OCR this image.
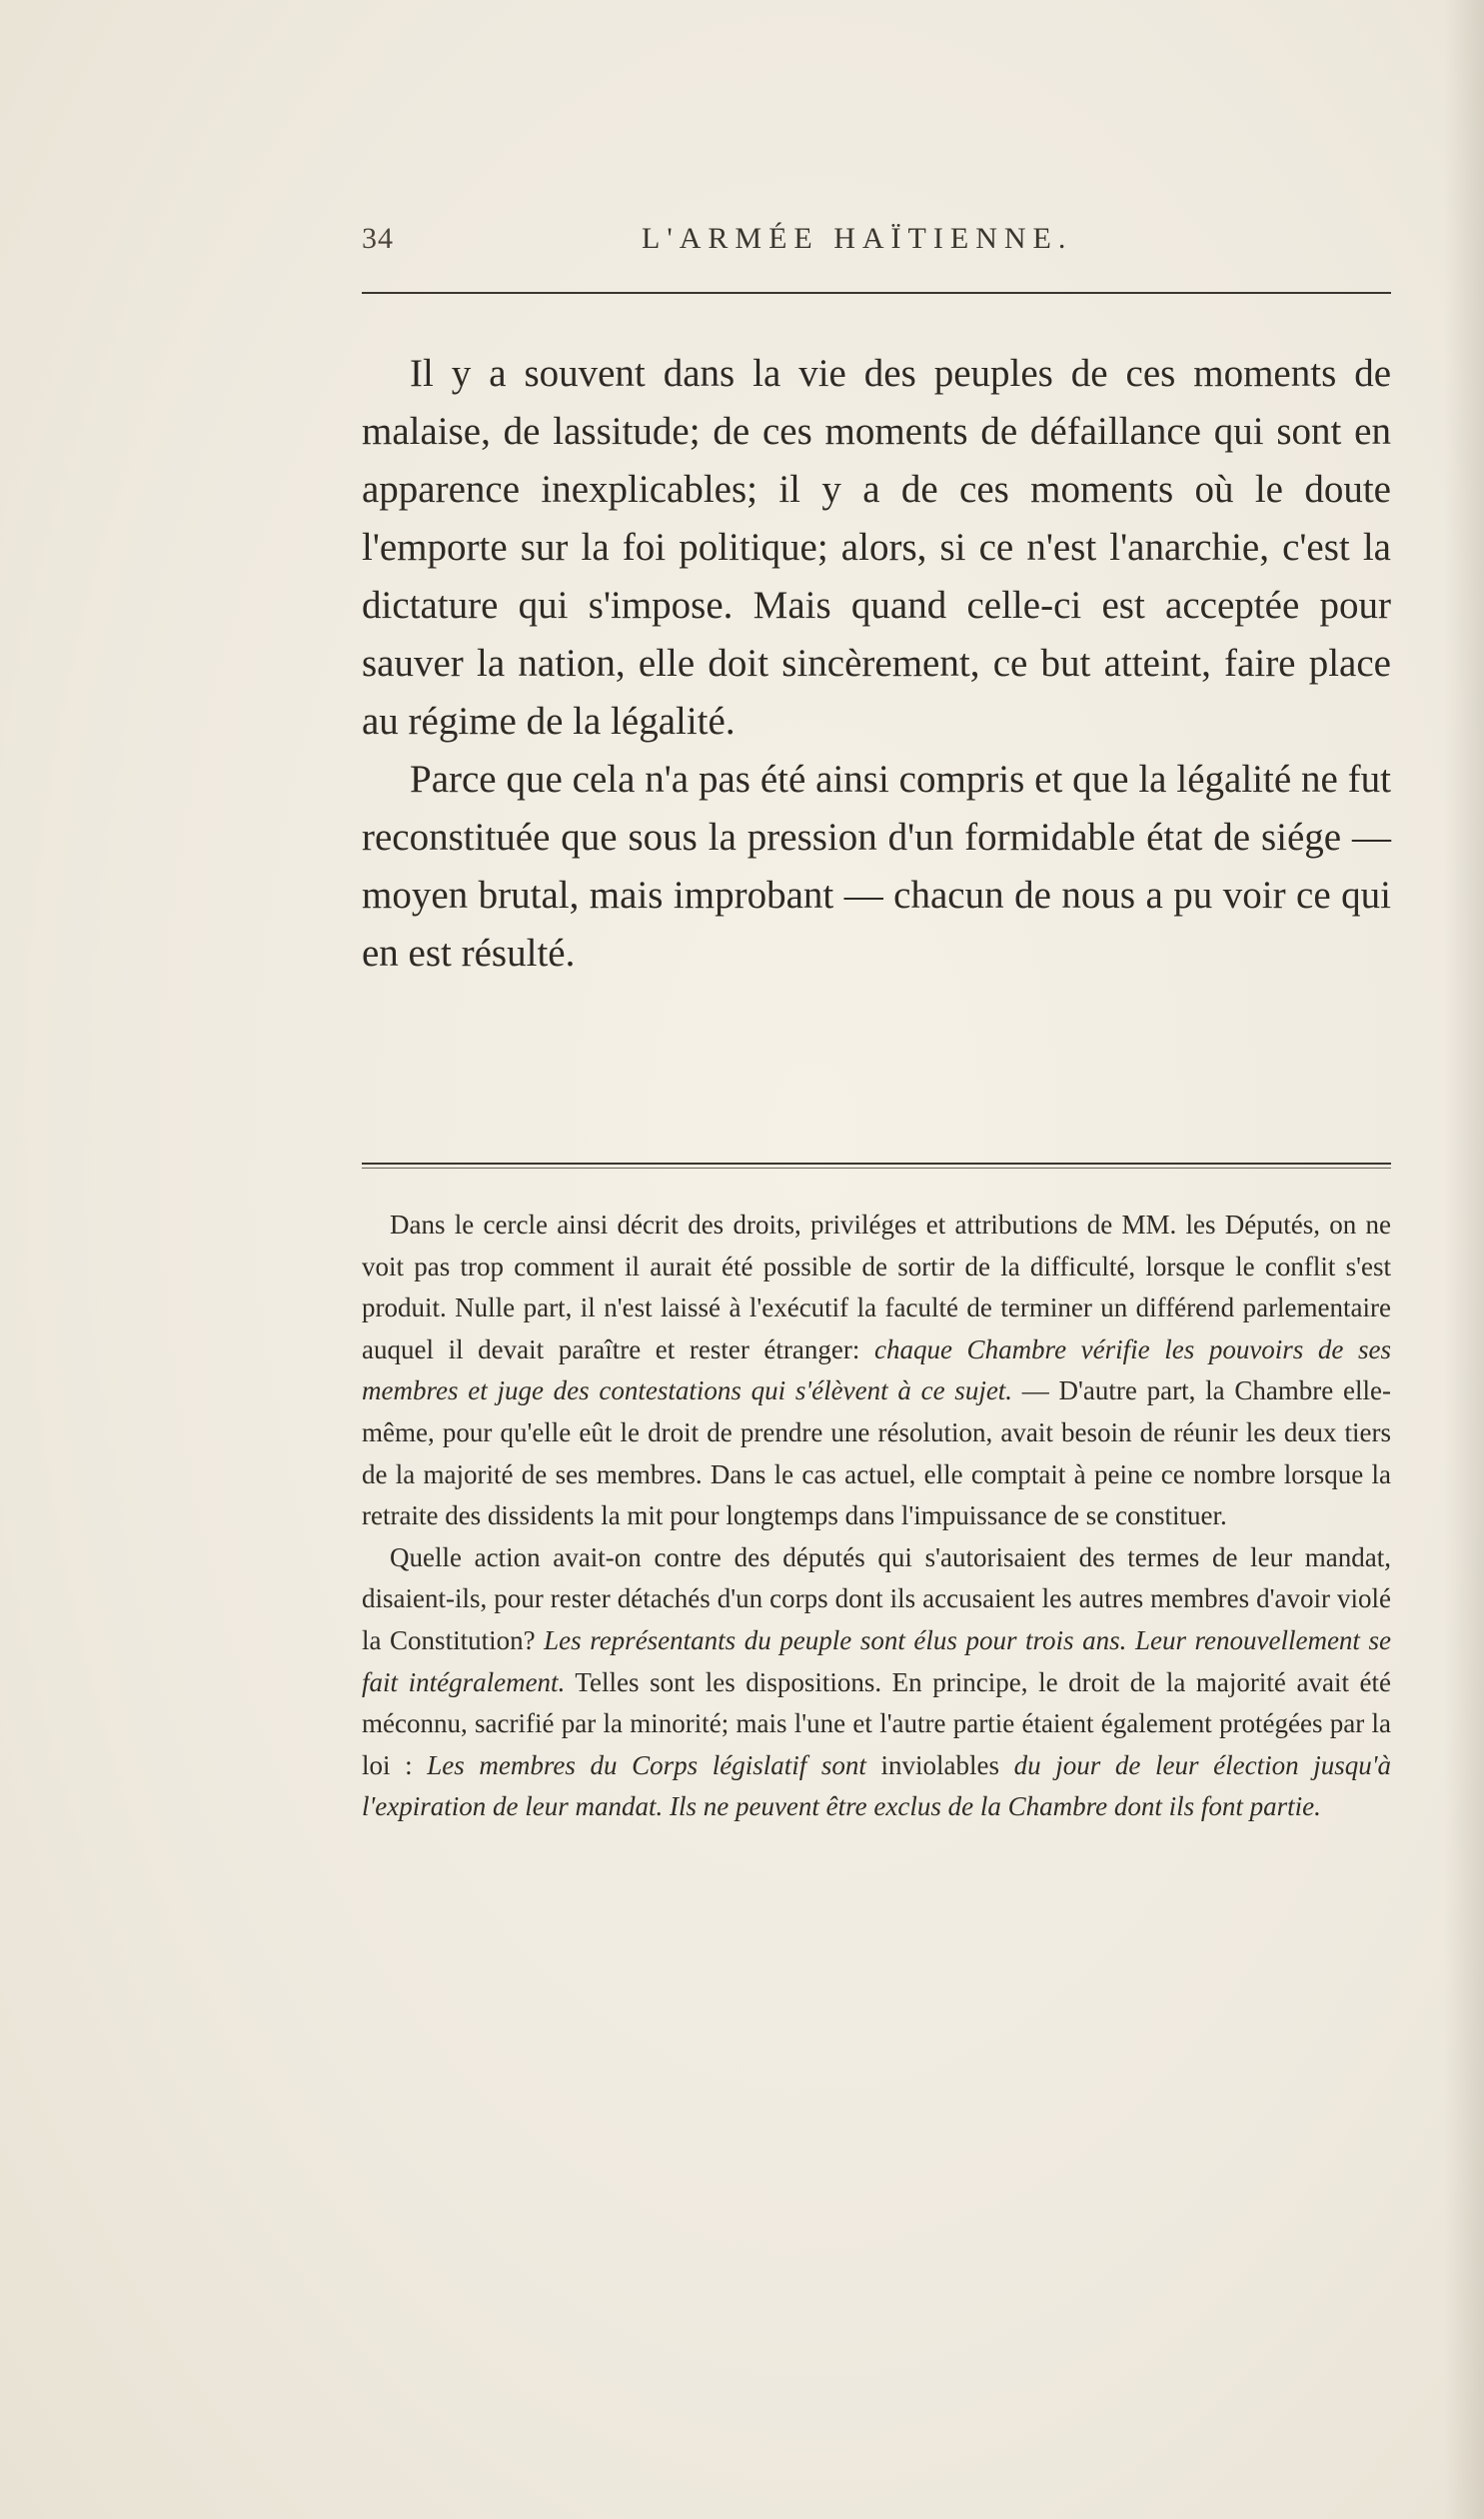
34	L'ARMÉE HAÏTIENNE.

Il y a souvent dans la vie des peuples de ces moments de malaise, de lassitude; de ces moments de défaillance qui sont en apparence inexplicables; il y a de ces moments où le doute l'emporte sur la foi politique; alors, si ce n'est l'anarchie, c'est la dictature qui s'impose. Mais quand celle-ci est acceptée pour sauver la nation, elle doit sincèrement, ce but atteint, faire place au régime de la légalité.

Parce que cela n'a pas été ainsi compris et que la légalité ne fut reconstituée que sous la pression d'un formidable état de siége — moyen brutal, mais improbant — chacun de nous a pu voir ce qui en est résulté.

Dans le cercle ainsi décrit des droits, priviléges et attributions de MM. les Députés, on ne voit pas trop comment il aurait été possible de sortir de la difficulté, lorsque le conflit s'est produit. Nulle part, il n'est laissé à l'exécutif la faculté de terminer un différend parlementaire auquel il devait paraître et rester étranger: chaque Chambre vérifie les pouvoirs de ses membres et juge des contestations qui s'élèvent à ce sujet. — D'autre part, la Chambre elle-même, pour qu'elle eût le droit de prendre une résolution, avait besoin de réunir les deux tiers de la majorité de ses membres. Dans le cas actuel, elle comptait à peine ce nombre lorsque la retraite des dissidents la mit pour longtemps dans l'impuissance de se constituer.

Quelle action avait-on contre des députés qui s'autorisaient des termes de leur mandat, disaient-ils, pour rester détachés d'un corps dont ils accusaient les autres membres d'avoir violé la Constitution? Les représentants du peuple sont élus pour trois ans. Leur renouvellement se fait intégralement. Telles sont les dispositions. En principe, le droit de la majorité avait été méconnu, sacrifié par la minorité; mais l'une et l'autre partie étaient également protégées par la loi : Les membres du Corps législatif sont inviolables du jour de leur élection jusqu'à l'expiration de leur mandat. Ils ne peuvent être exclus de la Chambre dont ils font partie.
